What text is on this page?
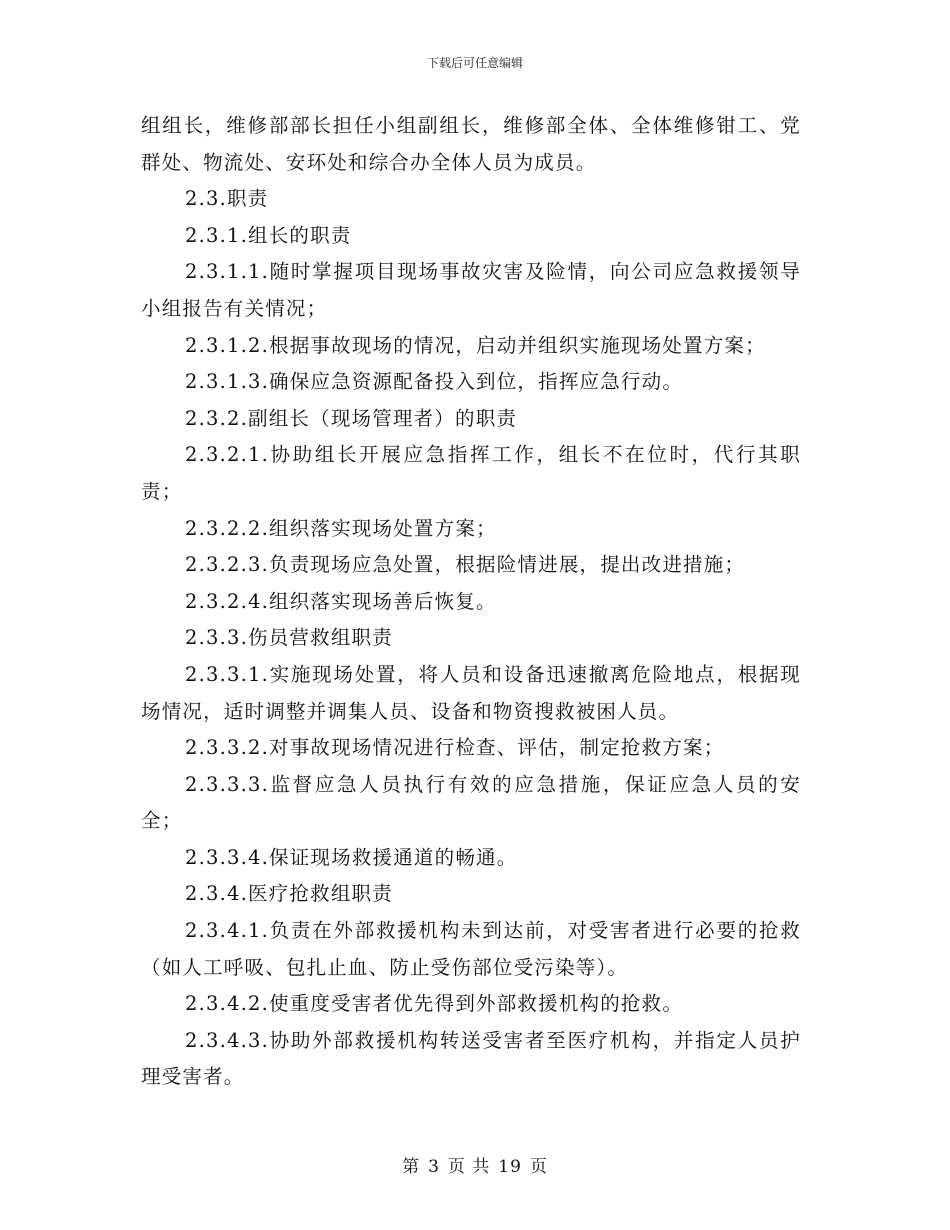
下载后可任意编辑

组组长，维修部部长担任小组副组长，维修部全体、全体维修钳工、党群处、物流处、安环处和综合办全体人员为成员。

2.3.职责

2.3.1.组长的职责

2.3.1.1.随时掌握项目现场事故灾害及险情，向公司应急救援领导小组报告有关情况；

2.3.1.2.根据事故现场的情况，启动并组织实施现场处置方案；

2.3.1.3.确保应急资源配备投入到位，指挥应急行动。

2.3.2.副组长（现场管理者）的职责

2.3.2.1.协助组长开展应急指挥工作，组长不在位时，代行其职责；

2.3.2.2.组织落实现场处置方案；

2.3.2.3.负责现场应急处置，根据险情进展，提出改进措施；

2.3.2.4.组织落实现场善后恢复。

2.3.3.伤员营救组职责

2.3.3.1.实施现场处置，将人员和设备迅速撤离危险地点，根据现场情况，适时调整并调集人员、设备和物资搜救被困人员。

2.3.3.2.对事故现场情况进行检查、评估，制定抢救方案；

2.3.3.3.监督应急人员执行有效的应急措施，保证应急人员的安全；

2.3.3.4.保证现场救援通道的畅通。

2.3.4.医疗抢救组职责

2.3.4.1.负责在外部救援机构未到达前，对受害者进行必要的抢救（如人工呼吸、包扎止血、防止受伤部位受污染等）。

2.3.4.2.使重度受害者优先得到外部救援机构的抢救。

2.3.4.3.协助外部救援机构转送受害者至医疗机构，并指定人员护理受害者。

第 3 页 共 19 页
